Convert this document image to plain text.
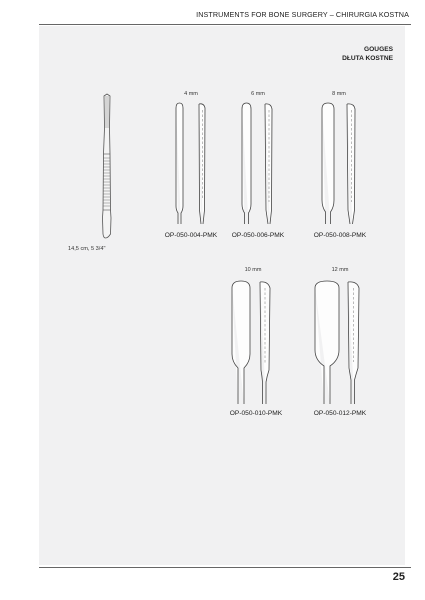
INSTRUMENTS FOR BONE SURGERY – CHIRURGIA KOSTNA
GOUGES
DŁUTA KOSTNE
14,5 cm, 5 3/4"
4 mm
OP-050-004-PMK
6 mm
OP-050-006-PMK
8 mm
OP-050-008-PMK
10 mm
OP-050-010-PMK
12 mm
OP-050-012-PMK
25
